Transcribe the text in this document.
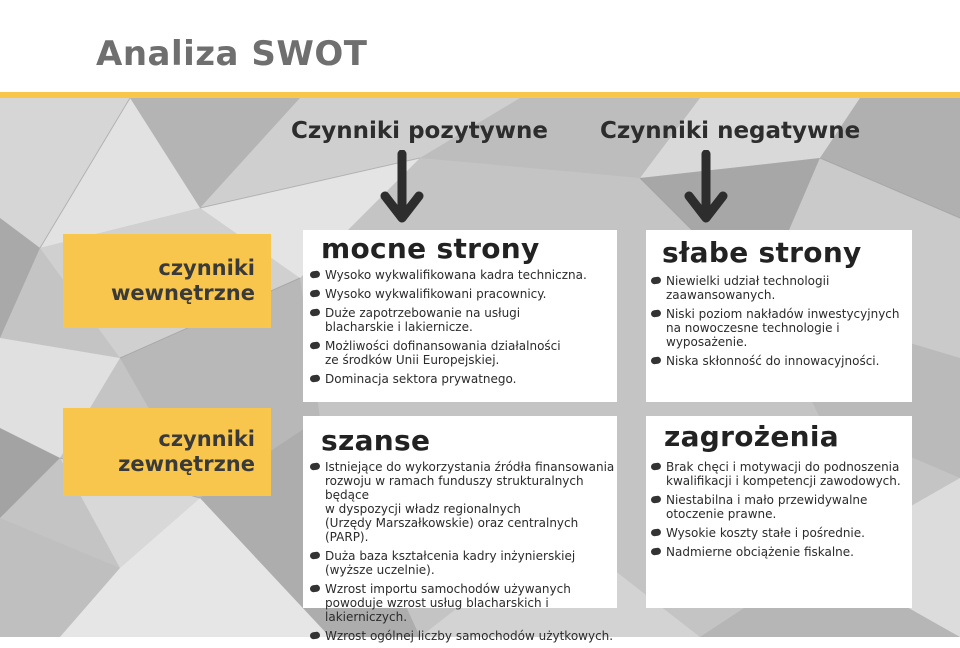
Analiza SWOT
Czynniki pozytywne Czynniki negatywne
czynniki
wewnętrzne
czynniki
zewnętrzne
mocne strony
Wysoko wykwalifikowana kadra techniczna.
Wysoko wykwalifikowani pracownicy.
Duże zapotrzebowanie na usługi
blacharskie i lakiernicze.
Możliwości dofinansowania działalności
ze środków Unii Europejskiej.
Dominacja sektora prywatnego.
słabe strony
Niewielki udział technologii
zaawansowanych.
Niski poziom nakładów inwestycyjnych
na nowoczesne technologie i wyposażenie.
Niska skłonność do innowacyjności.
szanse
Istniejące do wykorzystania źródła finansowania
rozwoju w ramach funduszy strukturalnych będące
w dyspozycji władz regionalnych
(Urzędy Marszałkowskie) oraz centralnych (PARP).
Duża baza kształcenia kadry inżynierskiej
(wyższe uczelnie).
Wzrost importu samochodów używanych
powoduje wzrost usług blacharskich i lakierniczych.
Wzrost ogólnej liczby samochodów użytkowych.
zagrożenia
Brak chęci i motywacji do podnoszenia
kwalifikacji i kompetencji zawodowych.
Niestabilna i mało przewidywalne
otoczenie prawne.
Wysokie koszty stałe i pośrednie.
Nadmierne obciążenie fiskalne.
